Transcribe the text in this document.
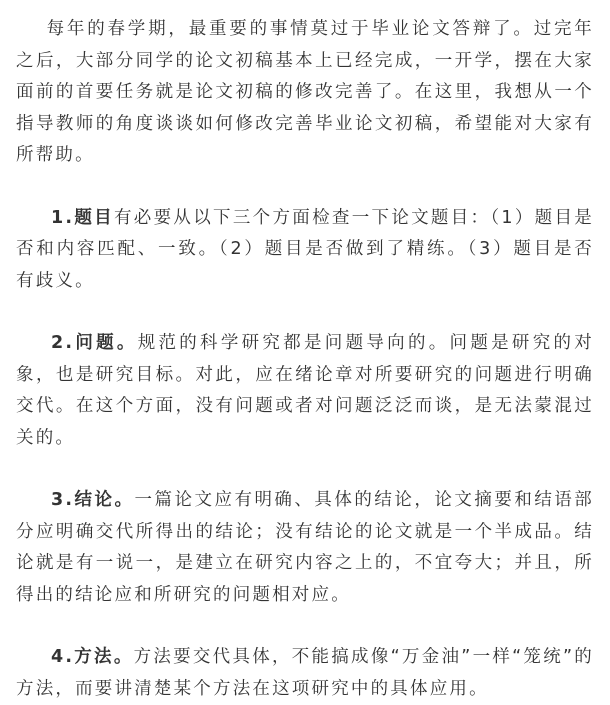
每年的春学期，最重要的事情莫过于毕业论文答辩了。过完年之后，大部分同学的论文初稿基本上已经完成，一开学，摆在大家面前的首要任务就是论文初稿的修改完善了。在这里，我想从一个指导教师的角度谈谈如何修改完善毕业论文初稿，希望能对大家有所帮助。

1.题目有必要从以下三个方面检查一下论文题目：（1）题目是否和内容匹配、一致。（2）题目是否做到了精练。（3）题目是否有歧义。

2.问题。规范的科学研究都是问题导向的。问题是研究的对象，也是研究目标。对此，应在绪论章对所要研究的问题进行明确交代。在这个方面，没有问题或者对问题泛泛而谈，是无法蒙混过关的。

3.结论。一篇论文应有明确、具体的结论，论文摘要和结语部分应明确交代所得出的结论；没有结论的论文就是一个半成品。结论就是有一说一，是建立在研究内容之上的，不宜夸大；并且，所得出的结论应和所研究的问题相对应。

4.方法。方法要交代具体，不能搞成像“万金油”一样“笼统”的方法，而要讲清楚某个方法在这项研究中的具体应用。
